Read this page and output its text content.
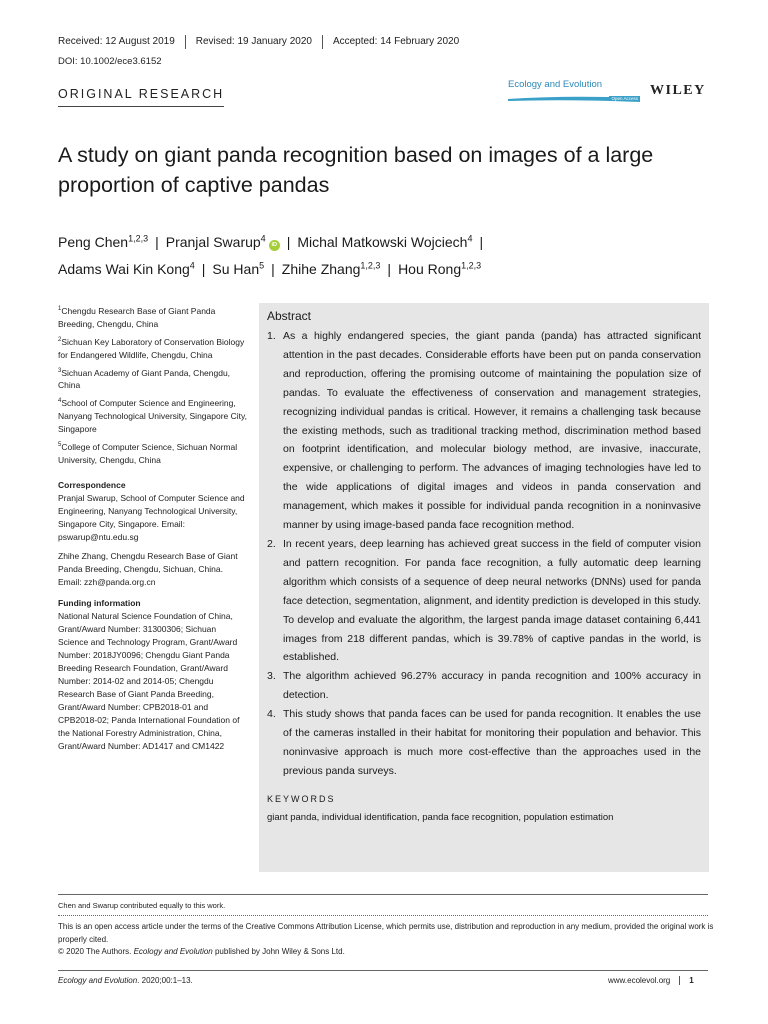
Received: 12 August 2019	Revised: 19 January 2020	Accepted: 14 February 2020
DOI: 10.1002/ece3.6152
ORIGINAL RESEARCH
Ecology and Evolution
Open Access
WILEY
A study on giant panda recognition based on images of a large proportion of captive pandas
Peng Chen$^{1,2,3}$ | Pranjal Swarup$^4$iD | Michal Matkowski Wojciech$^4$ |
Adams Wai Kin Kong$^4$ | Su Han$^5$ | Zhihe Zhang$^{1,2,3}$ | Hou Rong$^{1,2,3}$
$^1$Chengdu Research Base of Giant Panda Breeding, Chengdu, China
$^2$Sichuan Key Laboratory of Conservation Biology for Endangered Wildlife, Chengdu, China
$^3$Sichuan Academy of Giant Panda, Chengdu, China
$^4$School of Computer Science and Engineering, Nanyang Technological University, Singapore City, Singapore
$^5$College of Computer Science, Sichuan Normal University, Chengdu, China
Correspondence
Pranjal Swarup, School of Computer Science and Engineering, Nanyang Technological University, Singapore City, Singapore. Email: pswarup@ntu.edu.sg
Zhihe Zhang, Chengdu Research Base of Giant Panda Breeding, Chengdu, Sichuan, China. Email: zzh@panda.org.cn
Funding information
National Natural Science Foundation of China, Grant/Award Number: 31300306; Sichuan Science and Technology Program, Grant/Award Number: 2018JY0096; Chengdu Giant Panda Breeding Research Foundation, Grant/Award Number: 2014-02 and 2014-05; Chengdu Research Base of Giant Panda Breeding, Grant/Award Number: CPB2018-01 and CPB2018-02; Panda International Foundation of the National Forestry Administration, China, Grant/Award Number: AD1417 and CM1422
Abstract
1. As a highly endangered species, the giant panda (panda) has attracted significant attention in the past decades. Considerable efforts have been put on panda conservation and reproduction, offering the promising outcome of maintaining the population size of pandas. To evaluate the effectiveness of conservation and management strategies, recognizing individual pandas is critical. However, it remains a challenging task because the existing methods, such as traditional tracking method, discrimination method based on footprint identification, and molecular biology method, are invasive, inaccurate, expensive, or challenging to perform. The advances of imaging technologies have led to the wide applications of digital images and videos in panda conservation and management, which makes it possible for individual panda recognition in a noninvasive manner by using image-based panda face recognition method.
2. In recent years, deep learning has achieved great success in the field of computer vision and pattern recognition. For panda face recognition, a fully automatic deep learning algorithm which consists of a sequence of deep neural networks (DNNs) used for panda face detection, segmentation, alignment, and identity prediction is developed in this study. To develop and evaluate the algorithm, the largest panda image dataset containing 6,441 images from 218 different pandas, which is 39.78% of captive pandas in the world, is established.
3. The algorithm achieved 96.27% accuracy in panda recognition and 100% accuracy in detection.
4. This study shows that panda faces can be used for panda recognition. It enables the use of the cameras installed in their habitat for monitoring their population and behavior. This noninvasive approach is much more cost-effective than the approaches used in the previous panda surveys.
KEYWORDS
giant panda, individual identification, panda face recognition, population estimation
Chen and Swarup contributed equally to this work.
This is an open access article under the terms of the Creative Commons Attribution License, which permits use, distribution and reproduction in any medium, provided the original work is properly cited.
© 2020 The Authors. Ecology and Evolution published by John Wiley & Sons Ltd.
Ecology and Evolution. 2020;00:1–13.	www.ecolevol.org	1
